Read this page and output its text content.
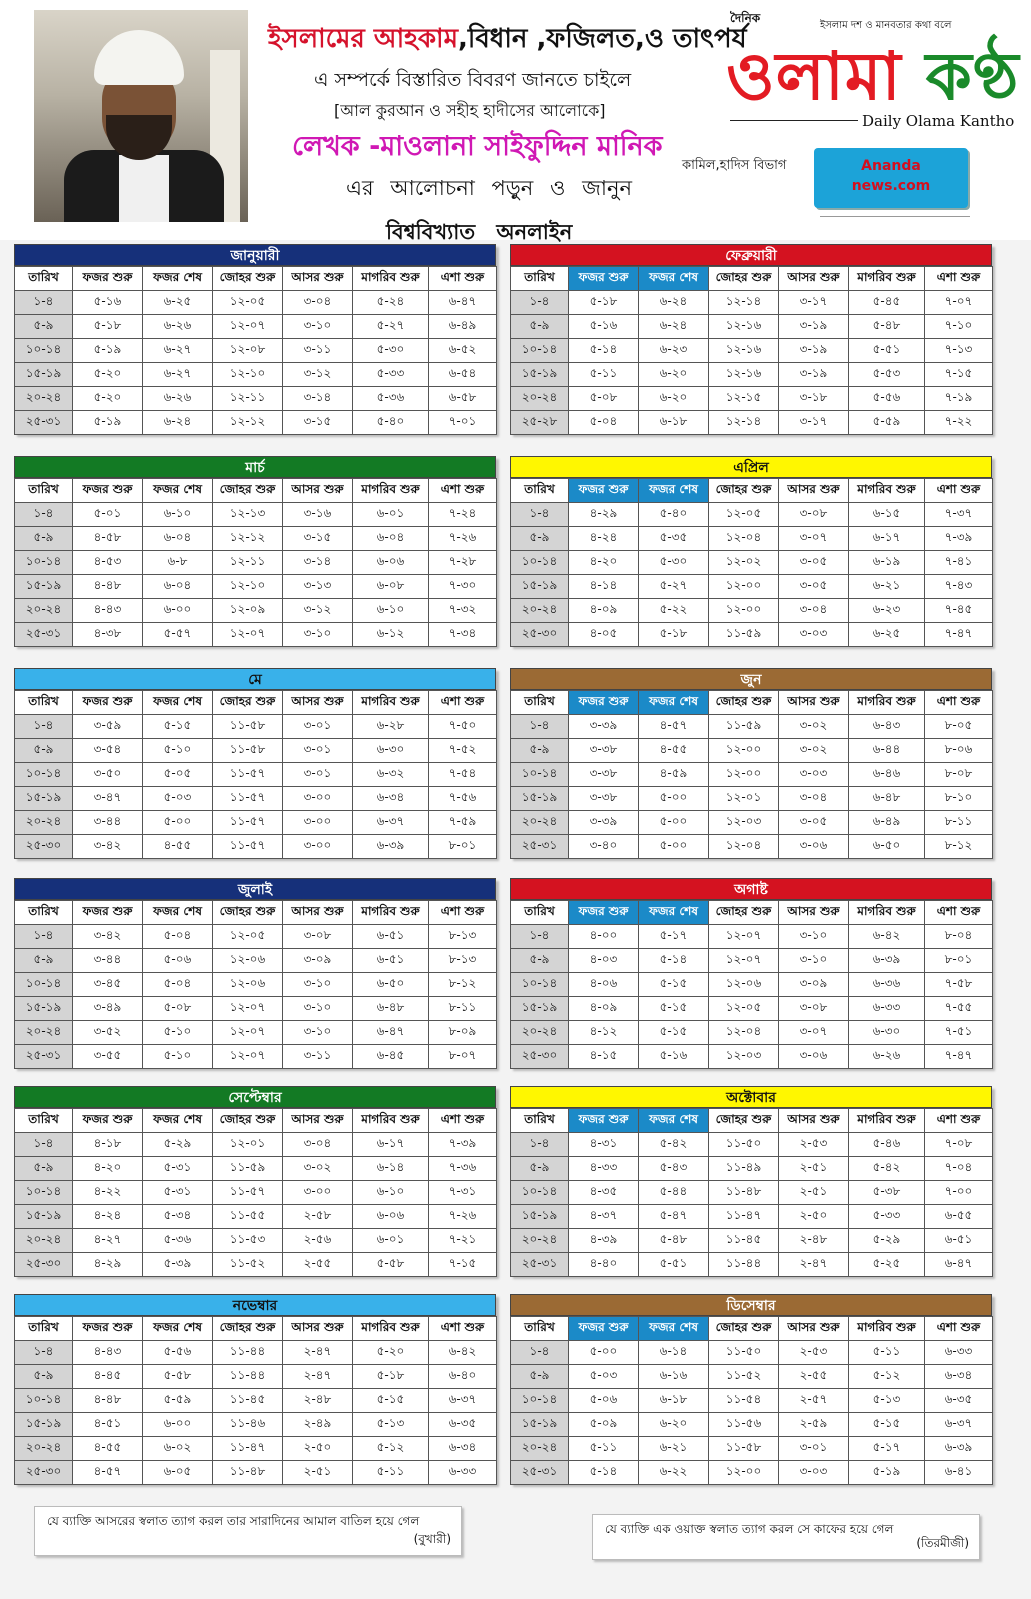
ইসলামের আহকাম,বিধান ,ফজিলত,ও তাৎপর্য
এ সম্পর্কে বিস্তারিত বিবরণ জানতে চাইলে
[আল কুরআন ও সহীহ হাদীসের আলোকে]
লেখক -মাওলানা সাইফুদ্দিন মানিক
কামিল,হাদিস বিভাগ
এর আলোচনা পড়ুন ও জানুন
বিশ্ববিখ্যাত অনলাইন
দৈনিক
ইসলাম দশ ও মানবতার কথা বলে
ওলামা কণ্ঠ
Daily Olama Kantho
Ananda
news.com
জানুয়ারী
তারিখ	ফজর শুরু	ফজর শেষ	জোহর শুরু	আসর শুরু	মাগরিব শুরু	এশা শুরু
১-৪	৫-১৬	৬-২৫	১২-০৫	৩-০৪	৫-২৪	৬-৪৭
৫-৯	৫-১৮	৬-২৬	১২-০৭	৩-১০	৫-২৭	৬-৪৯
১০-১৪	৫-১৯	৬-২৭	১২-০৮	৩-১১	৫-৩০	৬-৫২
১৫-১৯	৫-২০	৬-২৭	১২-১০	৩-১২	৫-৩৩	৬-৫৪
২০-২৪	৫-২০	৬-২৬	১২-১১	৩-১৪	৫-৩৬	৬-৫৮
২৫-৩১	৫-১৯	৬-২৪	১২-১২	৩-১৫	৫-৪০	৭-০১
ফেব্রুয়ারী
তারিখ	ফজর শুরু	ফজর শেষ	জোহর শুরু	আসর শুরু	মাগরিব শুরু	এশা শুরু
১-৪	৫-১৮	৬-২৪	১২-১৪	৩-১৭	৫-৪৫	৭-০৭
৫-৯	৫-১৬	৬-২৪	১২-১৬	৩-১৯	৫-৪৮	৭-১০
১০-১৪	৫-১৪	৬-২৩	১২-১৬	৩-১৯	৫-৫১	৭-১৩
১৫-১৯	৫-১১	৬-২০	১২-১৬	৩-১৯	৫-৫৩	৭-১৫
২০-২৪	৫-০৮	৬-২০	১২-১৫	৩-১৮	৫-৫৬	৭-১৯
২৫-২৮	৫-০৪	৬-১৮	১২-১৪	৩-১৭	৫-৫৯	৭-২২
মার্চ
তারিখ	ফজর শুরু	ফজর শেষ	জোহর শুরু	আসর শুরু	মাগরিব শুরু	এশা শুরু
১-৪	৫-০১	৬-১০	১২-১৩	৩-১৬	৬-০১	৭-২৪
৫-৯	৪-৫৮	৬-০৪	১২-১২	৩-১৫	৬-০৪	৭-২৬
১০-১৪	৪-৫৩	৬-৮	১২-১১	৩-১৪	৬-০৬	৭-২৮
১৫-১৯	৪-৪৮	৬-০৪	১২-১০	৩-১৩	৬-০৮	৭-৩০
২০-২৪	৪-৪৩	৬-০০	১২-০৯	৩-১২	৬-১০	৭-৩২
২৫-৩১	৪-৩৮	৫-৫৭	১২-০৭	৩-১০	৬-১২	৭-৩৪
এপ্রিল
তারিখ	ফজর শুরু	ফজর শেষ	জোহর শুরু	আসর শুরু	মাগরিব শুরু	এশা শুরু
১-৪	৪-২৯	৫-৪০	১২-০৫	৩-০৮	৬-১৫	৭-৩৭
৫-৯	৪-২৪	৫-৩৫	১২-০৪	৩-০৭	৬-১৭	৭-৩৯
১০-১৪	৪-২০	৫-৩০	১২-০২	৩-০৫	৬-১৯	৭-৪১
১৫-১৯	৪-১৪	৫-২৭	১২-০০	৩-০৫	৬-২১	৭-৪৩
২০-২৪	৪-০৯	৫-২২	১২-০০	৩-০৪	৬-২৩	৭-৪৫
২৫-৩০	৪-০৫	৫-১৮	১১-৫৯	৩-০৩	৬-২৫	৭-৪৭
মে
তারিখ	ফজর শুরু	ফজর শেষ	জোহর শুরু	আসর শুরু	মাগরিব শুরু	এশা শুরু
১-৪	৩-৫৯	৫-১৫	১১-৫৮	৩-০১	৬-২৮	৭-৫০
৫-৯	৩-৫৪	৫-১০	১১-৫৮	৩-০১	৬-৩০	৭-৫২
১০-১৪	৩-৫০	৫-০৫	১১-৫৭	৩-০১	৬-৩২	৭-৫৪
১৫-১৯	৩-৪৭	৫-০৩	১১-৫৭	৩-০০	৬-৩৪	৭-৫৬
২০-২৪	৩-৪৪	৫-০০	১১-৫৭	৩-০০	৬-৩৭	৭-৫৯
২৫-৩০	৩-৪২	৪-৫৫	১১-৫৭	৩-০০	৬-৩৯	৮-০১
জুন
তারিখ	ফজর শুরু	ফজর শেষ	জোহর শুরু	আসর শুরু	মাগরিব শুরু	এশা শুরু
১-৪	৩-৩৯	৪-৫৭	১১-৫৯	৩-০২	৬-৪৩	৮-০৫
৫-৯	৩-৩৮	৪-৫৫	১২-০০	৩-০২	৬-৪৪	৮-০৬
১০-১৪	৩-৩৮	৪-৫৯	১২-০০	৩-০৩	৬-৪৬	৮-০৮
১৫-১৯	৩-৩৮	৫-০০	১২-০১	৩-০৪	৬-৪৮	৮-১০
২০-২৪	৩-৩৯	৫-০০	১২-০৩	৩-০৫	৬-৪৯	৮-১১
২৫-৩১	৩-৪০	৫-০০	১২-০৪	৩-০৬	৬-৫০	৮-১২
জুলাই
তারিখ	ফজর শুরু	ফজর শেষ	জোহর শুরু	আসর শুরু	মাগরিব শুরু	এশা শুরু
১-৪	৩-৪২	৫-০৪	১২-০৫	৩-০৮	৬-৫১	৮-১৩
৫-৯	৩-৪৪	৫-০৬	১২-০৬	৩-০৯	৬-৫১	৮-১৩
১০-১৪	৩-৪৫	৫-০৪	১২-০৬	৩-১০	৬-৫০	৮-১২
১৫-১৯	৩-৪৯	৫-০৮	১২-০৭	৩-১০	৬-৪৮	৮-১১
২০-২৪	৩-৫২	৫-১০	১২-০৭	৩-১০	৬-৪৭	৮-০৯
২৫-৩১	৩-৫৫	৫-১০	১২-০৭	৩-১১	৬-৪৫	৮-০৭
অগাষ্ট
তারিখ	ফজর শুরু	ফজর শেষ	জোহর শুরু	আসর শুরু	মাগরিব শুরু	এশা শুরু
১-৪	৪-০০	৫-১৭	১২-০৭	৩-১০	৬-৪২	৮-০৪
৫-৯	৪-০৩	৫-১৪	১২-০৭	৩-১০	৬-৩৯	৮-০১
১০-১৪	৪-০৬	৫-১৫	১২-০৬	৩-০৯	৬-৩৬	৭-৫৮
১৫-১৯	৪-০৯	৫-১৫	১২-০৫	৩-০৮	৬-৩৩	৭-৫৫
২০-২৪	৪-১২	৫-১৫	১২-০৪	৩-০৭	৬-৩০	৭-৫১
২৫-৩০	৪-১৫	৫-১৬	১২-০৩	৩-০৬	৬-২৬	৭-৪৭
সেপ্টেম্বার
তারিখ	ফজর শুরু	ফজর শেষ	জোহর শুরু	আসর শুরু	মাগরিব শুরু	এশা শুরু
১-৪	৪-১৮	৫-২৯	১২-০১	৩-০৪	৬-১৭	৭-৩৯
৫-৯	৪-২০	৫-৩১	১১-৫৯	৩-০২	৬-১৪	৭-৩৬
১০-১৪	৪-২২	৫-৩১	১১-৫৭	৩-০০	৬-১০	৭-৩১
১৫-১৯	৪-২৪	৫-৩৪	১১-৫৫	২-৫৮	৬-০৬	৭-২৬
২০-২৪	৪-২৭	৫-৩৬	১১-৫৩	২-৫৬	৬-০১	৭-২১
২৫-৩০	৪-২৯	৫-৩৯	১১-৫২	২-৫৫	৫-৫৮	৭-১৫
অক্টোবার
তারিখ	ফজর শুরু	ফজর শেষ	জোহর শুরু	আসর শুরু	মাগরিব শুরু	এশা শুরু
১-৪	৪-৩১	৫-৪২	১১-৫০	২-৫৩	৫-৪৬	৭-০৮
৫-৯	৪-৩৩	৫-৪৩	১১-৪৯	২-৫১	৫-৪২	৭-০৪
১০-১৪	৪-৩৫	৫-৪৪	১১-৪৮	২-৫১	৫-৩৮	৭-০০
১৫-১৯	৪-৩৭	৫-৪৭	১১-৪৭	২-৫০	৫-৩৩	৬-৫৫
২০-২৪	৪-৩৯	৫-৪৮	১১-৪৫	২-৪৮	৫-২৯	৬-৫১
২৫-৩১	৪-৪০	৫-৫১	১১-৪৪	২-৪৭	৫-২৫	৬-৪৭
নভেম্বার
তারিখ	ফজর শুরু	ফজর শেষ	জোহর শুরু	আসর শুরু	মাগরিব শুরু	এশা শুরু
১-৪	৪-৪৩	৫-৫৬	১১-৪৪	২-৪৭	৫-২০	৬-৪২
৫-৯	৪-৪৫	৫-৫৮	১১-৪৪	২-৪৭	৫-১৮	৬-৪০
১০-১৪	৪-৪৮	৫-৫৯	১১-৪৫	২-৪৮	৫-১৫	৬-৩৭
১৫-১৯	৪-৫১	৬-০০	১১-৪৬	২-৪৯	৫-১৩	৬-৩৫
২০-২৪	৪-৫৫	৬-০২	১১-৪৭	২-৫০	৫-১২	৬-৩৪
২৫-৩০	৪-৫৭	৬-০৫	১১-৪৮	২-৫১	৫-১১	৬-৩৩
ডিসেম্বার
তারিখ	ফজর শুরু	ফজর শেষ	জোহর শুরু	আসর শুরু	মাগরিব শুরু	এশা শুরু
১-৪	৫-০০	৬-১৪	১১-৫০	২-৫৩	৫-১১	৬-৩৩
৫-৯	৫-০৩	৬-১৬	১১-৫২	২-৫৫	৫-১২	৬-৩৪
১০-১৪	৫-০৬	৬-১৮	১১-৫৪	২-৫৭	৫-১৩	৬-৩৫
১৫-১৯	৫-০৯	৬-২০	১১-৫৬	২-৫৯	৫-১৫	৬-৩৭
২০-২৪	৫-১১	৬-২১	১১-৫৮	৩-০১	৫-১৭	৬-৩৯
২৫-৩১	৫-১৪	৬-২২	১২-০০	৩-০৩	৫-১৯	৬-৪১
যে ব্যাক্তি আসরের স্বলাত ত্যাগ করল তার সারাদিনের আমাল বাতিল হয়ে গেল
(বুখারী)
যে ব্যাক্তি এক ওয়াক্ত স্বলাত ত্যাগ করল সে কাফের হয়ে গেল
(তিরমীজী)
